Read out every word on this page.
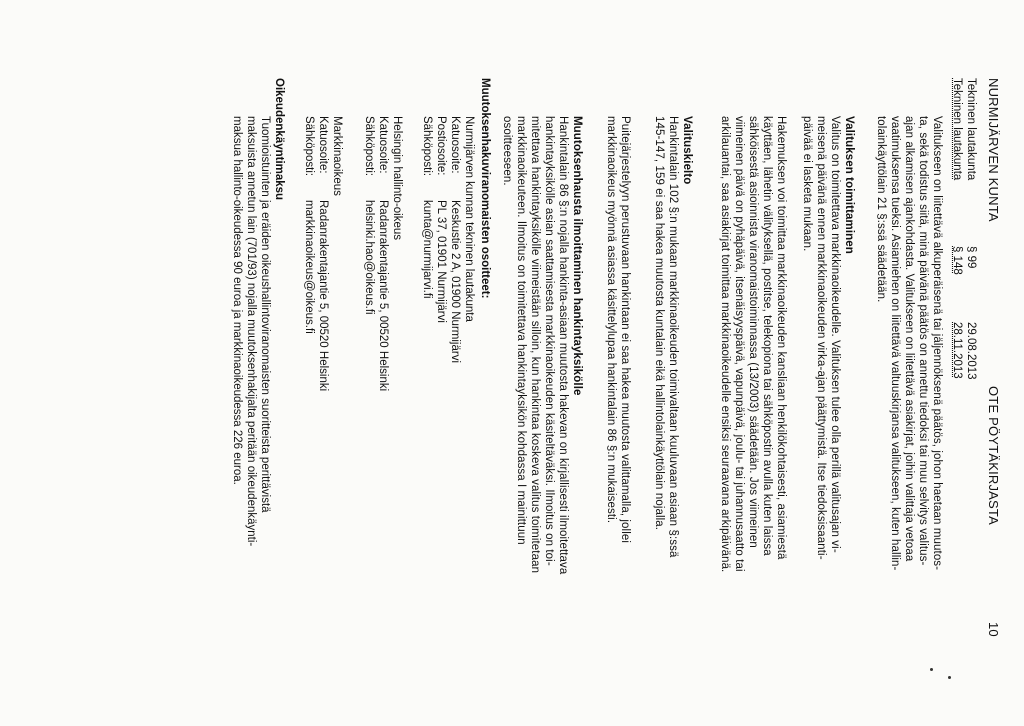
NURMIJÄRVEN KUNTA
OTE PÖYTÄKIRJASTA
10
Tekninen lautakunta
§ 99
29.08.2013
Tekninen lautakunta
§ 148
28.11.2013

Valitukseen on liitettävä alkuperäisenä tai jäljennöksenä päätös, johon haetaan muutos-

ta, sekä todistus siitä, minä päivänä päätös on annettu tiedoksi tai muu selvitys valitus-

ajan alkamisen ajankohdasta. Valitukseen on liitettävä asiakirjat, joihin valittaja vetoaa

vaatimuksensa tueksi. Asiamiehen on liitettävä valtuuskirjansa valitukseen, kuten hallin-

tolainkäyttölain 21 §:ssä säädetään.

Valituksen toimittaminen

Valitus on toimitettava markkinaoikeudelle. Valituksen tulee olla perillä valitusajan vi-

meisenä päivänä ennen markkinaoikeuden virka-ajan päättymistä. Itse tiedoksisaanti-

päivää ei lasketa mukaan.

Hakemuksen voi toimittaa markkinaoikeuden kansliaan henkilökohtaisesti, asiamiestä

käyttäen, lähetin välityksellä, postitse, telekopiona tai sähköpostin avulla kuten laissa

sähköisestä asioinnista viranomaistoiminnassa (13/2003) säädetään. Jos viimeinen

viimeinen päivä on pyhäpäivä, itsenäisyyspäivä, vapunpäivä, joulu- tai juhannusaatto tai

arkilauantai, saa asiakirjat toimittaa markkinaoikeudelle ensiksi seuraavana arkipäivänä.

Valituskielto

Hankintalain 102 §:n mukaan markkinaoikeuden toimivaltaan kuuluvaan asiaan §:ssä

145-147, 159 ei saa hakea muutosta kuntalain eikä hallintolainkäyttölain nojalla.

Puitejärjestelyyn perustuvaan hankintaan ei saa hakea muutosta valittamalla, jollei

markkinaoikeus myönnä asiassa käsittelylupaa hankintalain 86 §:n mukaisesti.

Muutoksenhausta ilmoittaminen hankintayksikölle

Hankintalain 86 §:n nojalla hankinta-asiaan muutosta hakevan on kirjallisesti ilmoitettava

hankintayksikölle asian saattamisesta markkinaoikeuden käsiteltäväksi. Ilmoitus on toi-

mitettava hankintayksikölle viimeistään silloin, kun hankintaa koskeva valitus toimitetaan

markkinaoikeuteen. Ilmoitus on toimitettava hankintayksikön kohdassa I mainittuun

osoitteeseen.

Muutoksenhakuviranomaisten osoitteet:

Nurmijärven kunnan tekninen lautakunta

Katuosoite:
Keskustie 2 A, 01900 Nurmijärvi
Postiosoite:
PL 37, 01901 Nurmijärvi
Sähköposti:
kunta@nurmijarvi.fi
Helsingin hallinto-oikeus
Katuosoite:
Radanrakentajantie 5, 00520 Helsinki
Sähköposti:
helsinki.hao@oikeus.fi
Markkinaoikeus
Katuosoite:
Radanrakentajantie 5, 00520 Helsinki
Sähköposti:
markkinaoikeus@oikeus.fi

Oikeudenkäyntimaksu

Tuomioistuinten ja eräiden oikeushallintoviranomaisten suoritteista perittävistä

maksuista annetun lain (701/93) nojalla muutoksenhakijalta peritään oikeudenkäynti-

maksua hallinto-oikeudessa 90 euroa ja markkinaoikeudessa 226 euroa.
